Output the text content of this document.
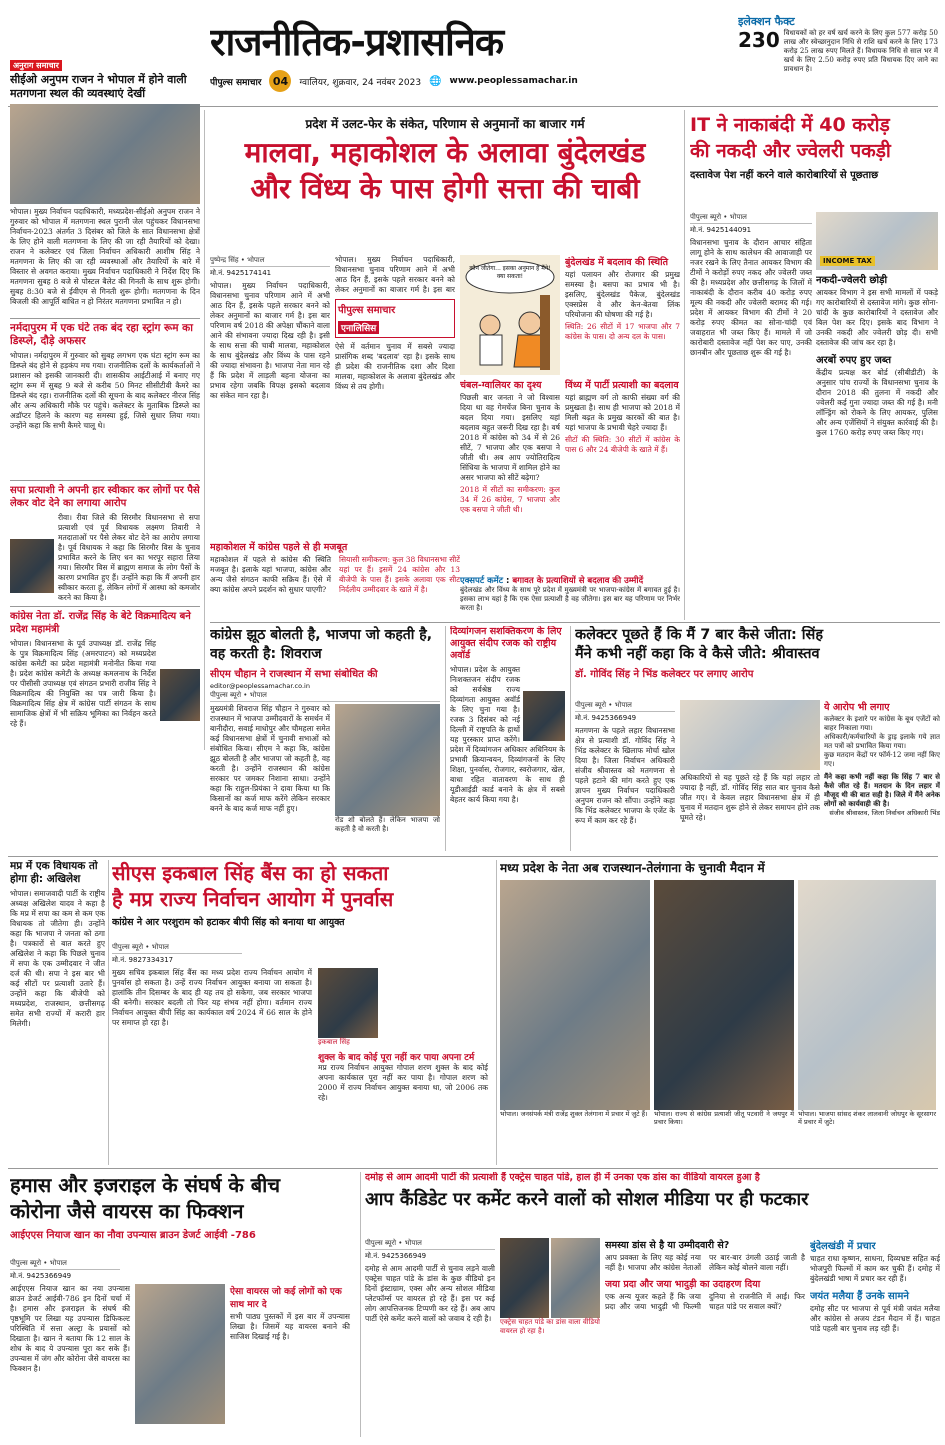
राजनीतिक-प्रशासनिक
पीपुल्स समाचार	04	ग्वालियर, शुक्रवार, 24 नवंबर 2023 🌐 www.peoplessamachar.in
इलेक्शन फैक्ट
230 विधायकों को हर वर्ष खर्च करने के लिए कुल 577 करोड़ 50 लाख और स्वेच्छानुदान निधि से राशि खर्च करने के लिए 173 करोड़ 25 लाख रुपए मिलते हैं। विधायक निधि से साल भर में खर्च के लिए 2.50 करोड़ रुपए प्रति विधायक दिए जाने का प्रावधान है।
अनुराग समाचार
सीईओ अनुपम राजन ने भोपाल में होने वाली मतगणना स्थल की व्यवस्थाएं देखीं
भोपाल। मुख्य निर्वाचन पदाधिकारी, मध्यप्रदेश-सीईओ अनुपम राजन ने गुरुवार को भोपाल में मतगणना स्थल पुरानी जेल पहुंचकर विधानसभा निर्वाचन-2023 अंतर्गत 3 दिसंबर को जिले के सात विधानसभा क्षेत्रों के लिए होने वाली मतगणना के लिए की जा रही तैयारियों को देखा। राजन ने कलेक्टर एवं जिला निर्वाचन अधिकारी आशीष सिंह ने मतगणना के लिए की जा रही व्यवस्थाओं और तैयारियों के बारे में विस्तार से अवगत कराया। मुख्य निर्वाचन पदाधिकारी ने निर्देश दिए कि मतगणना सुबह 8 बजे से पोस्टल बैलेट की गिनती के साथ शुरू होगी। सुबह 8:30 बजे से ईवीएम से गिनती शुरू होगी। मतगणना के दिन बिजली की आपूर्ति बाधित न हो निरंतर मतगणना प्रभावित न हो।
नर्मदापुरम में एक घंटे तक बंद रहा स्ट्रांग रूम का डिस्प्ले, दौड़े अफसर
भोपाल। नर्मदापुरम में गुरुवार को सुबह लगभग एक घंटा स्ट्रांग रूम का डिस्प्ले बंद होने से हड़कंप मच गया। राजनीतिक दलों के कार्यकर्ताओं ने प्रशासन को इसकी जानकारी दी। शासकीय आईटीआई में बनाए गए स्ट्रांग रूम में सुबह 9 बजे से करीब 50 मिनट सीसीटीवी कैमरे का डिस्प्ले बंद रहा। राजनीतिक दलों की सूचना के बाद कलेक्टर नीरज सिंह और अन्य अधिकारी मौके पर पहुंचे। कलेक्टर के मुताबिक डिस्प्ले का अडॉप्टर हिलने के कारण यह समस्या हुई, जिसे सुधार लिया गया। उन्होंने कहा कि सभी कैमरे चालू थे।
सपा प्रत्याशी ने अपनी हार स्वीकार कर लोगों पर पैसे लेकर वोट देने का लगाया आरोप
रीवा। रीवा जिले की सिरमौर विधानसभा से सपा प्रत्याशी एवं पूर्व विधायक लक्ष्मण तिवारी ने मतदाताओं पर पैसे लेकर वोट देने का आरोप लगाया है। पूर्व विधायक ने कहा कि सिरमौर विस के चुनाव प्रभावित करने के लिए धन का भरपूर सहारा लिया गया। सिरमौर विस में ब्राह्मण समाज के लोग पैसों के कारण प्रभावित हुए हैं। उन्होंने कहा कि मैं अपनी हार स्वीकार करता हूं, लेकिन लोगों में आस्था को कमजोर करने का किया है।
कांग्रेस नेता डॉ. राजेंद्र सिंह के बेटे विक्रमादित्य बने प्रदेश महामंत्री
भोपाल। विधानसभा के पूर्व उपाध्यक्ष डॉ. राजेंद्र सिंह के पुत्र विक्रमादित्य सिंह (अमरपाटन) को मध्यप्रदेश कांग्रेस कमेटी का प्रदेश महामंत्री मनोनीत किया गया है। प्रदेश कांग्रेस कमेटी के अध्यक्ष कमलनाथ के निर्देश पर पीसीसी उपाध्यक्ष एवं संगठन प्रभारी राजीव सिंह ने विक्रमादित्य की नियुक्ति का पत्र जारी किया है। विक्रमादित्य सिंह क्षेत्र में कांग्रेस पार्टी संगठन के साथ सामाजिक क्षेत्रों में भी सक्रिय भूमिका का निर्वहन करते रहे हैं।
प्रदेश में उलट-फेर के संकेत, परिणाम से अनुमानों का बाजार गर्म
मालवा, महाकोशल के अलावा बुंदेलखंड
और विंध्य के पास होगी सत्ता की चाबी
पुष्पेन्द्र सिंह • भोपाल
मो.नं. 9425174141
भोपाल। मुख्य निर्वाचन पदाधिकारी, विधानसभा चुनाव परिणाम आने में अभी आठ दिन हैं, इसके पहले सरकार बनने को लेकर अनुमानों का बाजार गर्म है। इस बार परिणाम वर्ष 2018 की अपेक्षा चौंकाने वाला आने की संभावना ज्यादा दिख रही है। इसी के साथ सत्ता की चाबी मालवा, महाकोशल के साथ बुंदेलखंड और विंध्य के पास रहने की ज्यादा संभावना है। भाजपा नेता मान रहे हैं कि प्रदेश में लाड़ली बहना योजना का प्रभाव रहेगा जबकि विपक्ष इसको बदलाव का संकेत मान रहा है।
भोपाल। मुख्य निर्वाचन पदाधिकारी, विधानसभा चुनाव परिणाम आने में अभी आठ दिन हैं, इसके पहले सरकार बनने को लेकर अनुमानों का बाजार गर्म है। इस बार
पीपुल्स समाचार
एनालिसिस
ऐसे में वर्तमान चुनाव में सबसे ज्यादा प्रासंगिक शब्द 'बदलाव' रहा है। इसके साथ ही प्रदेश की राजनीतिक दशा और दिशा मालवा, महाकोशल के अलावा बुंदेलखंड और विंध्य से तय होगी।
कौन जीतेगा... इसका अनुमान है मैंने! क्या सकता!
चंबल-ग्वालियर का दृश्य
पिछली बार जनता ने जो विश्वास दिया था वह गेमचेंज बिना चुनाव के बदल दिया गया। इसलिए यहां बदलाव बहुत जरूरी दिख रहा है। वर्ष 2018 में कांग्रेस को 34 में से 26 सीटें, 7 भाजपा और एक बसपा ने जीती थी। अब आप ज्योतिरादित्य सिंधिया के भाजपा में शामिल होने का असर भाजपा को सीटें बढ़ेगा?
2018 में सीटों का समीकरण: कुल 34 में 26 कांग्रेस, 7 भाजपा और एक बसपा ने जीती थी।
महाकोशल में कांग्रेस पहले से ही मजबूत
महाकोशल में पहले से कांग्रेस की स्थिति मजबूत है। इलाके यहां भाजपा, कांग्रेस और अन्य जैसे संगठन काफी सक्रिय हैं। ऐसे में क्या कांग्रेस अपने प्रदर्शन को सुधार पाएगी?
सियासी समीकरण: कुल 38 विधानसभा सीटें यहां पर हैं। इसमें 24 कांग्रेस और 13 बीजेपी के पास हैं। इसके अलावा एक सीट निर्दलीय उम्मीदवार के खाते में है।
विंध्य में पार्टी प्रत्याशी का बदलाव
यहां ब्राह्मण वर्ग तो काफी संख्या वर्ग की प्रमुखता है। साथ ही भाजपा को 2018 में मिली बढ़त के प्रमुख कारकों की बात है। यहां भाजपा के प्रभावी चेहरे ज्यादा हैं।
सीटों की स्थिति: 30 सीटों में कांग्रेस के पास 6 और 24 बीजेपी के खाते में हैं।
बुंदेलखंड में बदलाव की स्थिति
यहां पलायन और रोजगार की प्रमुख समस्या है। बसपा का प्रभाव भी है। इसलिए, बुंदेलखंड पैकेज, बुंदेलखंड एक्सप्रेस वे और केन-बेतवा लिंक परियोजना की घोषणा की गई है।
स्थिति: 26 सीटों में 17 भाजपा और 7 कांग्रेस के पास। दो अन्य दल के पास।
एक्सपर्ट कमेंट : बगावत के प्रत्याशियों से बदलाव की उम्मीदें
बुंदेलखंड और विंध्य के साथ पूरे प्रदेश में मुख्यमंत्री पर भाजपा-कांग्रेस में बगावत हुई है। इसका लाभ यहां है कि एक ऐसा प्रत्याशी है वह जीतेगा। इस बार यह परिणाम पर निर्भर करता है।
IT ने नाकाबंदी में 40 करोड़
की नकदी और ज्वेलरी पकड़ी
दस्तावेज पेश नहीं करने वाले कारोबारियों से पूछताछ
पीपुल्स ब्यूरो • भोपाल
मो.नं. 9425144091
विधानसभा चुनाव के दौरान आचार संहिता लागू होने के साथ कालेधन की आवाजाही पर नजर रखने के लिए तैनात आयकर विभाग की टीमों ने करोड़ों रुपए नकद और ज्वेलरी जब्त की है। मध्यप्रदेश और छत्तीसगढ़ के जिलों में नाकाबंदी के दौरान करीब 40 करोड़ रुपए मूल्य की नकदी और ज्वेलरी बरामद की गई। प्रदेश में आयकर विभाग की टीमों ने 20 करोड़ रुपए कीमत का सोना-चांदी एवं जवाहरात भी जब्त किए हैं। मामले में जो कारोबारी दस्तावेज नहीं पेश कर पाए, उनकी छानबीन और पूछताछ शुरू की गई है।
INCOME TAX
नकदी-ज्वेलरी छोड़ी
आयकर विभाग ने इस सभी मामलों में पकड़े गए कारोबारियों से दस्तावेज मांगे। कुछ सोना-चांदी के कुछ कारोबारियों ने दस्तावेज और बिल पेश कर दिए। इसके बाद विभाग ने उनकी नकदी और ज्वेलरी छोड़ दी। सभी दस्तावेज की जांच कर रहा है।
अरबों रुपए हुए जब्त
केंद्रीय प्रत्यक्ष कर बोर्ड (सीबीडीटी) के अनुसार पांच राज्यों के विधानसभा चुनाव के दौरान 2018 की तुलना में नकदी और ज्वेलरी कई गुना ज्यादा जब्त की गई है। मनी लॉन्ड्रिंग को रोकने के लिए आयकर, पुलिस और अन्य एजेंसियों ने संयुक्त कार्रवाई की है। कुल 1760 करोड़ रुपए जब्त किए गए।
कांग्रेस झूठ बोलती है, भाजपा जो कहती है, वह करती है: शिवराज
सीएम चौहान ने राजस्थान में सभा संबोधित की
editor@peoplessamachar.co.in
पीपुल्स ब्यूरो • भोपाल
मुख्यमंत्री शिवराज सिंह चौहान ने गुरुवार को राजस्थान में भाजपा उम्मीदवारों के समर्थन में बानीदौरा, सवाई माधोपुर और चौमहला समेत कई विधानसभा क्षेत्रों में चुनावी सभाओं को संबोधित किया। सीएम ने कहा कि, कांग्रेस झूठ बोलती है और भाजपा जो कहती है, वह करती है। उन्होंने राजस्थान की कांग्रेस सरकार पर जमकर निशाना साधा। उन्होंने कहा कि राहुल-प्रियंका ने दावा किया था कि किसानों का कर्ज माफ करेंगे लेकिन सरकार बनने के बाद कर्ज माफ नहीं हुए।
रोड शो बोलते हैं। लेकिन भाजपा जो कहती है वो करती है।
दिव्यांगजन सशक्तिकरण के लिए आयुक्त संदीप रजक को राष्ट्रीय अवॉर्ड
भोपाल। प्रदेश के आयुक्त निःशक्तजन संदीप रजक को सर्वश्रेष्ठ राज्य दिव्यांगता आयुक्त अवॉर्ड के लिए चुना गया है। रजक 3 दिसंबर को नई दिल्ली में राष्ट्रपति के हाथों यह पुरस्कार प्राप्त करेंगे। प्रदेश में दिव्यांगजन अधिकार अधिनियम के प्रभावी क्रियान्वयन, दिव्यांगजनों के लिए शिक्षा, पुनर्वास, रोजगार, स्वरोजगार, खेल, बाधा रहित वातावरण के साथ ही यूडीआईडी कार्ड बनाने के क्षेत्र में सबसे बेहतर कार्य किया गया है।
कलेक्टर पूछते हैं कि मैं 7 बार कैसे जीता: सिंह
मैंने कभी नहीं कहा कि वे कैसे जीते: श्रीवास्तव
डॉ. गोविंद सिंह ने भिंड कलेक्टर पर लगाए आरोप
पीपुल्स ब्यूरो • भोपाल
मो.नं. 9425366949
मतगणना के पहले लहार विधानसभा क्षेत्र से प्रत्याशी डॉ. गोविंद सिंह ने भिंड कलेक्टर के खिलाफ मोर्चा खोल दिया है। जिला निर्वाचन अधिकारी संजीव श्रीवास्तव को मतगणना से पहले हटाने की मांग करते हुए एक ज्ञापन मुख्य निर्वाचन पदाधिकारी अनुपम राजन को सौंपा। उन्होंने कहा कि भिंड कलेक्टर भाजपा के एजेंट के रूप में काम कर रहे हैं।
अधिकारियों से यह पूछते रहे हैं कि यहां लहार तो ज्यादा है नहीं, डॉ. गोविंद सिंह सात बार चुनाव कैसे जीत गए। वे केवल लहार विधानसभा क्षेत्र में ही चुनाव में मतदान शुरू होने से लेकर समापन होने तक घूमते रहे।
ये आरोप भी लगाए
कलेक्टर के इशारे पर कांग्रेस के बूथ एजेंटों को बाहर निकाला गया।
अधिकारी/कर्मचारियों के ड्राइ इलाके गये ज्ञात मत पत्रों को प्रभावित किया गया।
कुछ मतदान केंद्रों पर फॉर्म-12 जमा नहीं किए गए।
मैंने कहा कभी नहीं कहा कि सिंह 7 बार से कैसे जीत रहे हैं। मतदान के दिन लहार में मौजूद थी की बात सही है। जिले में मैंने अनेक लोगों को कार्यवाही की है।
संजीव श्रीवास्तव, जिला निर्वाचन अधिकारी भिंड
मप्र में एक विधायक तो होगा ही: अखिलेश
भोपाल। समाजवादी पार्टी के राष्ट्रीय अध्यक्ष अखिलेश यादव ने कहा है कि मप्र में सपा का कम से कम एक विधायक तो जीतेगा ही। उन्होंने कहा कि भाजपा ने जनता को ठगा है। पत्रकारों से बात करते हुए अखिलेश ने कहा कि पिछले चुनाव में सपा के एक उम्मीदवार ने जीत दर्ज की थी। सपा ने इस बार भी कई सीटों पर प्रत्याशी उतारे हैं। उन्होंने कहा कि बीजेपी को मध्यप्रदेश, राजस्थान, छत्तीसगढ़ समेत सभी राज्यों में करारी हार मिलेगी।
सीएस इकबाल सिंह बैंस का हो सकता
है मप्र राज्य निर्वाचन आयोग में पुनर्वास
कांग्रेस ने आर परशुराम को हटाकर बीपी सिंह को बनाया था आयुक्त
पीपुल्स ब्यूरो • भोपाल
मो.नं. 9827334317
मुख्य सचिव इकबाल सिंह बैंस का मध्य प्रदेश राज्य निर्वाचन आयोग में पुनर्वास हो सकता है। उन्हें राज्य निर्वाचन आयुक्त बनाया जा सकता है। हालांकि तीन दिसम्बर के बाद ही यह तय हो सकेगा, जब सरकार भाजपा की बनेगी। सरकार बदली तो फिर यह संभव नहीं होगा। वर्तमान राज्य निर्वाचन आयुक्त बीपी सिंह का कार्यकाल वर्ष 2024 में 66 साल के होने पर समाप्त हो रहा है।
इकबाल सिंह
शुक्ल के बाद कोई पूरा नहीं कर पाया अपना टर्म
मप्र राज्य निर्वाचन आयुक्त गोपाल शरण शुक्ल के बाद कोई अपना कार्यकाल पूरा नहीं कर पाया है। गोपाल शरण को 2000 में राज्य निर्वाचन आयुक्त बनाया था, जो 2006 तक रहे।
मध्य प्रदेश के नेता अब राजस्थान-तेलंगाना के चुनावी मैदान में
भोपाल। जनसंपर्क मंत्री राजेंद्र शुक्ल तेलंगाना में प्रचार में जुटे हैं। भोपाल। राज्य से कांग्रेस प्रत्याशी जीतू पटवारी ने जयपुर में प्रचार किया।
भोपाल। भाजपा सांसद शंकर लालवानी जोधपुर के सूरसागर में प्रचार में जुटे।
हमास और इजराइल के संघर्ष के बीच
कोरोना जैसे वायरस का फिक्शन
आईएएस नियाज खान का नौवा उपन्यास ब्राउन डेजर्ट आईवी -786
पीपुल्स ब्यूरो • भोपाल
मो.नं. 9425366949
आईएएस नियाज खान का नया उपन्यास ब्राउन डेजर्ट आईवी-786 इन दिनों चर्चा में है। हमास और इजराइल के संघर्ष की पृष्ठभूमि पर लिखा यह उपन्यास डिफिकल्ट परिस्थिति में सत्ता अल्ट्रा के प्रयासों को दिखाता है। खान ने बताया कि 12 साल के शोध के बाद ये उपन्यास पूरा कर सके हैं। उपन्यास में जंग और कोरोना जैसे वायरस का फिक्शन है।
ऐसा वायरस जो कई लोगों को एक साथ मार दे
सभी पाठ्य पुस्तकों में इस बार में उपन्यास लिखा है। जिसमें यह वायरस बनाने की साजिश दिखाई गई है।
दमोह से आम आदमी पार्टी की प्रत्याशी हैं एक्ट्रेस चाहत पांडे, हाल ही में उनका एक डांस का वीडियो वायरल हुआ है
आप कैंडिडेट पर कमेंट करने वालों को सोशल मीडिया पर ही फटकार
पीपुल्स ब्यूरो • भोपाल
मो.नं. 9425366949
दमोह से आम आदमी पार्टी से चुनाव लड़ने वाली एक्ट्रेस चाहत पांडे के डांस के कुछ वीडियो इन दिनों इंस्टाग्राम, एक्स और अन्य सोशल मीडिया प्लेटफॉर्म्स पर वायरल हो रहे हैं। इस पर कई लोग आपत्तिजनक टिप्पणी कर रहे हैं। अब आप पार्टी ऐसे कमेंट करने वालों को जवाब दे रही है।	एक्ट्रेस चाहत पांडे का डांस वाला वीडियो वायरल हो रहा है।
समस्या डांस से है या उम्मीदवारी से?
आप प्रवक्ता के लिए यह कोई नया नहीं है। भाजपा और कांग्रेस नेताओं पर बार-बार उंगली उठाई जाती है लेकिन कोई बोलने वाला नहीं।
जया प्रदा और जया भादुड़ी का उदाहरण दिया
एक अन्य यूजर कहते हैं कि जया प्रदा और जया भादुड़ी भी फिल्मी दुनिया से राजनीति में आईं। फिर चाहत पांडे पर सवाल क्यों?
बुंदेलखंडी में प्रचार
चाहत राधा कृष्णन, साधना, दिव्यभ्रष्ट सहित कई भोजपुरी फिल्मों में काम कर चुकी हैं। दमोह में बुंदेलखंडी भाषा में प्रचार कर रही हैं।
जयंत मलैया हैं उनके सामने
दमोह सीट पर भाजपा से पूर्व मंत्री जयंत मलैया और कांग्रेस से अजय टंडन मैदान में हैं। चाहत पांडे पहली बार चुनाव लड़ रही हैं।
